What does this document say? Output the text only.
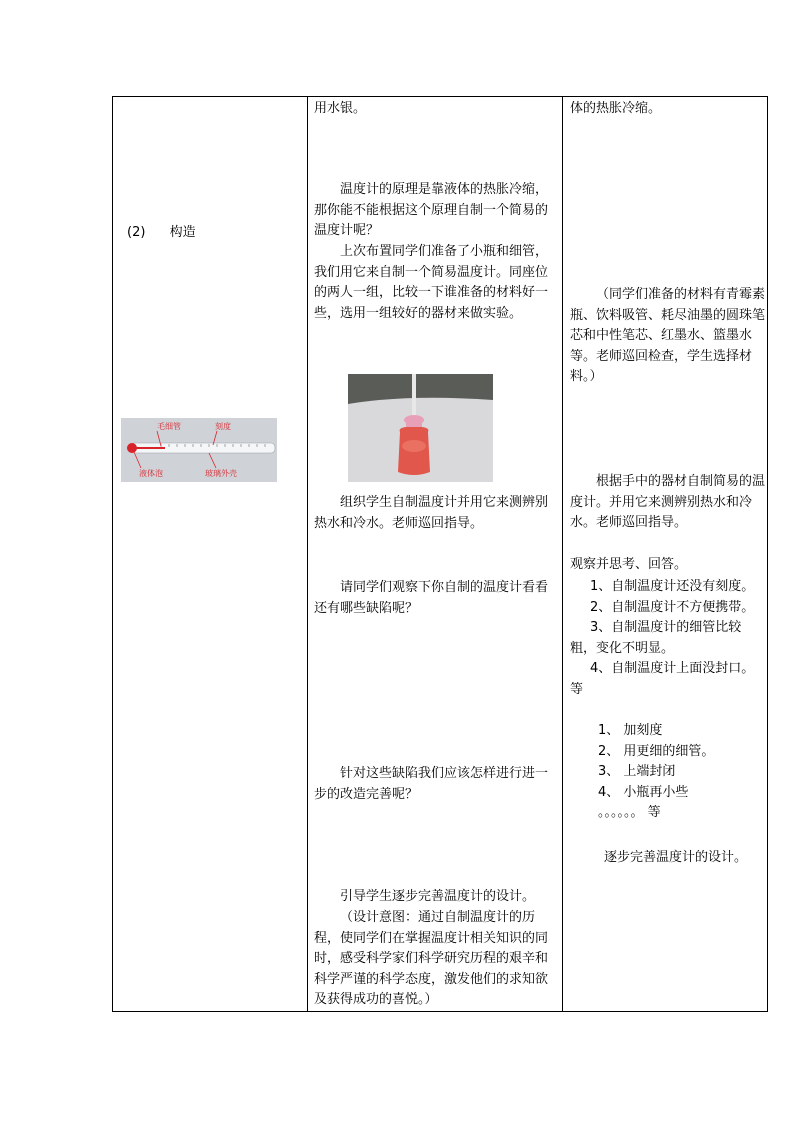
(2) 构造
毛细管	刻度
液体泡	玻璃外壳
用水银。
温度计的原理是靠液体的热胀冷缩，那你能不能根据这个原理自制一个简易的温度计呢？
上次布置同学们准备了小瓶和细管，我们用它来自制一个简易温度计。同座位的两人一组，比较一下谁准备的材料好一些，选用一组较好的器材来做实验。
组织学生自制温度计并用它来测辨别热水和冷水。老师巡回指导。
请同学们观察下你自制的温度计看看还有哪些缺陷呢？
针对这些缺陷我们应该怎样进行进一步的改造完善呢？
引导学生逐步完善温度计的设计。
（设计意图：通过自制温度计的历程，使同学们在掌握温度计相关知识的同时，感受科学家们科学研究历程的艰辛和科学严谨的科学态度，激发他们的求知欲及获得成功的喜悦。）
体的热胀冷缩。
（同学们准备的材料有青霉素瓶、饮料吸管、耗尽油墨的圆珠笔芯和中性笔芯、红墨水、篮墨水等。老师巡回检查，学生选择材料。）
根据手中的器材自制简易的温度计。并用它来测辨别热水和冷水。老师巡回指导。
观察并思考、回答。
1、自制温度计还没有刻度。
2、自制温度计不方便携带。
3、自制温度计的细管比较粗，变化不明显。
4、自制温度计上面没封口。
等
1、 加刻度
2、 用更细的细管。
3、 上端封闭
4、 小瓶再小些
。。。。。。 等
逐步完善温度计的设计。
